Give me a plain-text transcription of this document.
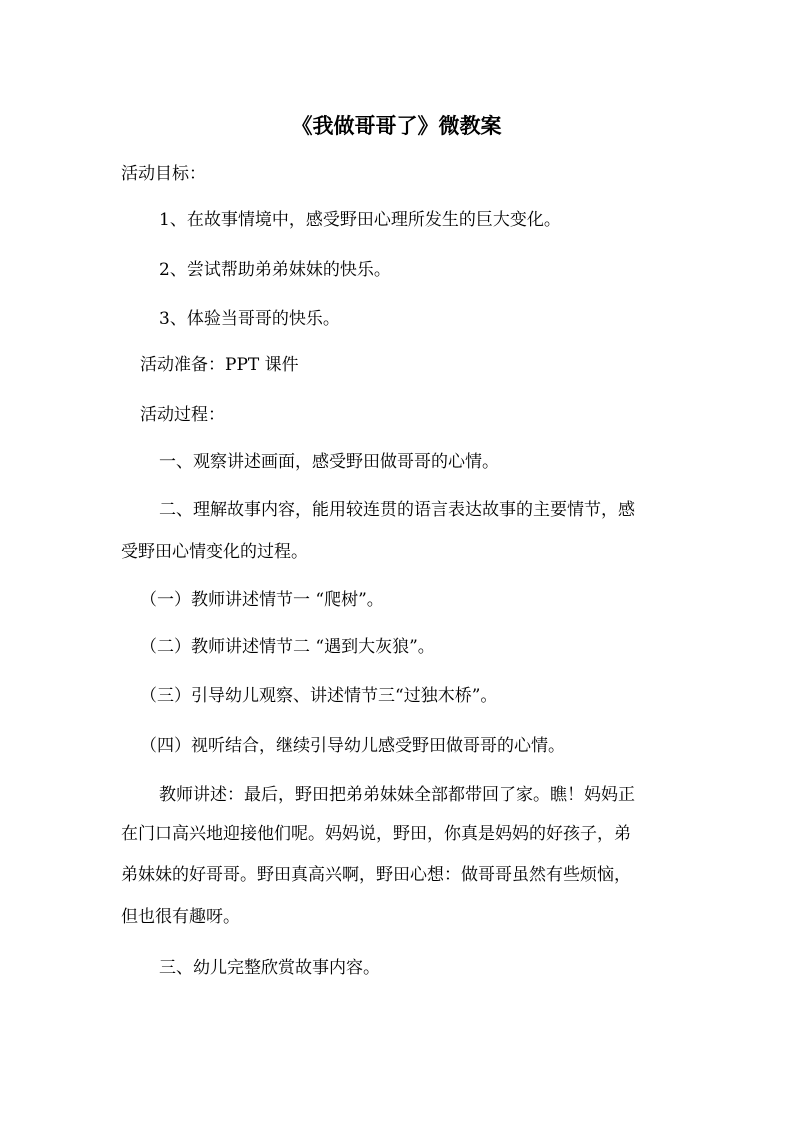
《我做哥哥了》微教案

活动目标：

1、在故事情境中，感受野田心理所发生的巨大变化。

2、尝试帮助弟弟妹妹的快乐。

3、体验当哥哥的快乐。

活动准备：PPT 课件

活动过程：

一、观察讲述画面，感受野田做哥哥的心情。

二、理解故事内容，能用较连贯的语言表达故事的主要情节，感

受野田心情变化的过程。

（一）教师讲述情节一 “爬树”。

（二）教师讲述情节二 “遇到大灰狼”。

（三）引导幼儿观察、讲述情节三“过独木桥”。

（四）视听结合，继续引导幼儿感受野田做哥哥的心情。

教师讲述：最后，野田把弟弟妹妹全部都带回了家。瞧！妈妈正

在门口高兴地迎接他们呢。妈妈说，野田，你真是妈妈的好孩子，弟

弟妹妹的好哥哥。野田真高兴啊，野田心想：做哥哥虽然有些烦恼，

但也很有趣呀。

三、幼儿完整欣赏故事内容。
